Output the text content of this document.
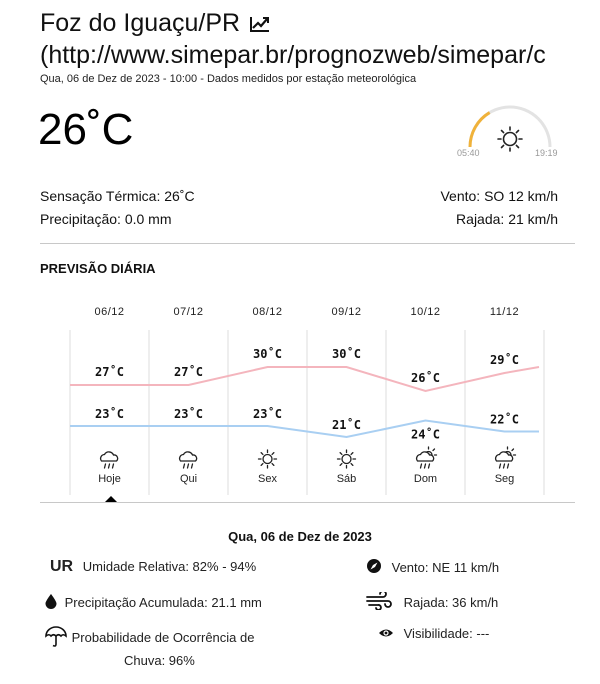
Foz do Iguaçu/PR
(http://www.simepar.br/prognozweb/simepar/c
Qua, 06 de Dez de 2023 - 10:00 - Dados medidos por estação meteorológica
26˚C	05:40	19:19
Sensação Térmica: 26˚C
Precipitação: 0.0 mm
Vento: SO 12 km/h
Rajada: 21 km/h
PREVISÃO DIÁRIA
06/12
27˚C
23˚C
Hoje
07/12
27˚C
23˚C
Qui
08/12
30˚C
23˚C
Sex
09/12
30˚C
21˚C
Sáb
10/12
26˚C
24˚C
Dom
11/12
29˚C
22˚C
Seg
Qua, 06 de Dez de 2023
UR Umidade Relativa: 82% - 94%
Precipitação Acumulada: 21.1 mm
Probabilidade de Ocorrência de
Chuva: 96%
Vento: NE 11 km/h
Rajada: 36 km/h
Visibilidade: ---
